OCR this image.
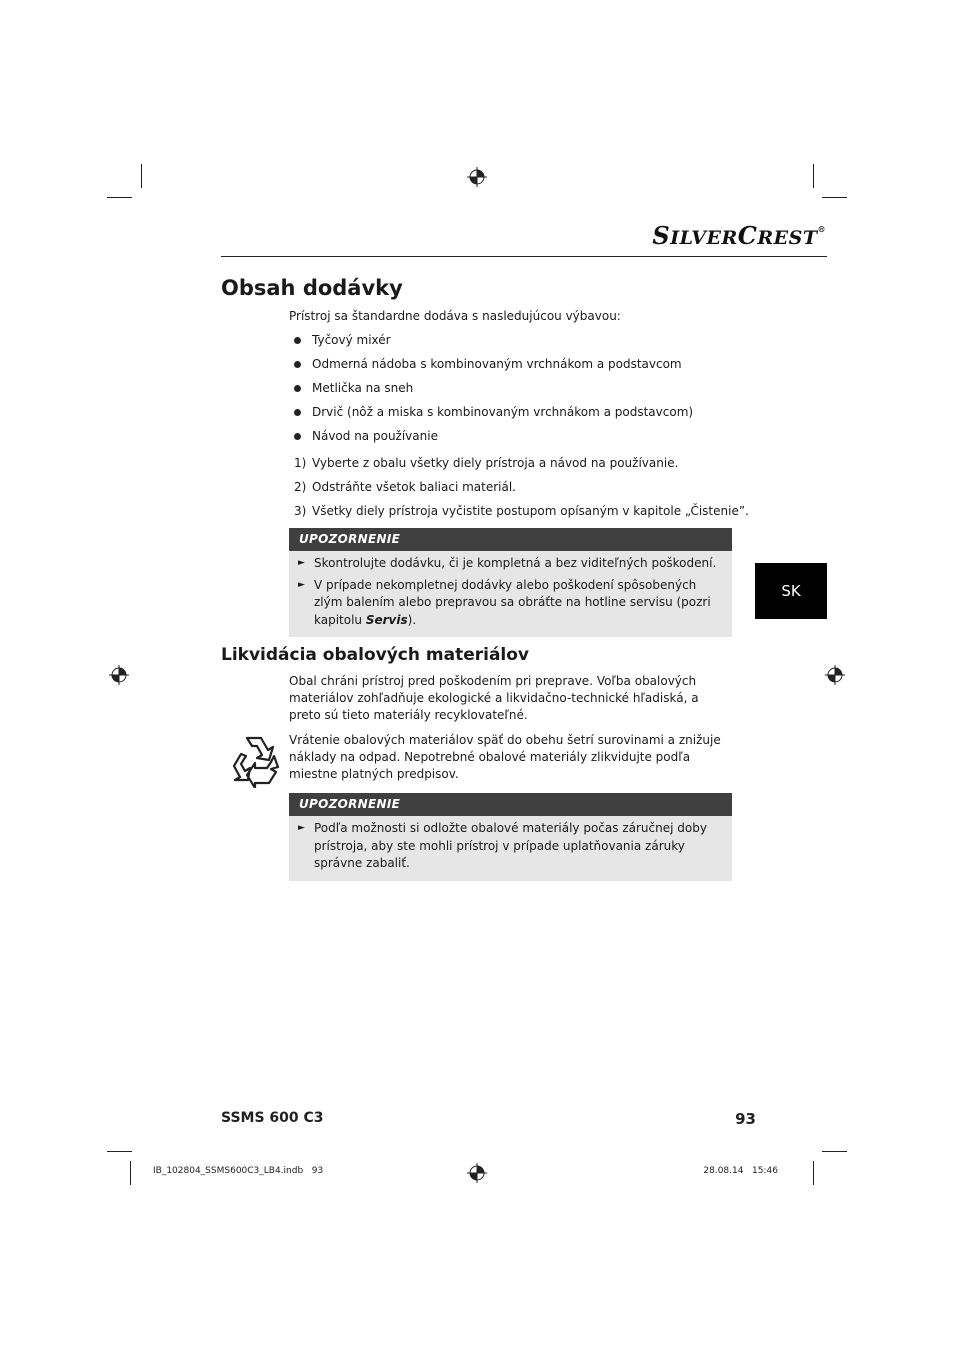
SILVERCREST®
Obsah dodávky

Prístroj sa štandardne dodáva s nasledujúcou výbavou:

Tyčový mixér
Odmerná nádoba s kombinovaným vrchnákom a podstavcom
Metlička na sneh
Drvič (nôž a miska s kombinovaným vrchnákom a podstavcom)
Návod na používanie
1) Vyberte z obalu všetky diely prístroja a návod na používanie.
2) Odstráňte všetok baliaci materiál.
3) Všetky diely prístroja vyčistite postupom opísaným v kapitole „Čistenie”.
UPOZORNENIE
► Skontrolujte dodávku, či je kompletná a bez viditeľných poškodení.
► V prípade nekompletnej dodávky alebo poškodení spôsobených zlým balením alebo prepravou sa obráťte na hotline servisu (pozri kapitolu Servis).
SK
Likvidácia obalových materiálov

Obal chráni prístroj pred poškodením pri preprave. Voľba obalových materiálov zohľadňuje ekologické a likvidačno-technické hľadiská, a preto sú tieto materiály recyklovateľné.

Vrátenie obalových materiálov späť do obehu šetrí surovinami a znižuje náklady na odpad. Nepotrebné obalové materiály zlikvidujte podľa miestne platných predpisov.

UPOZORNENIE
► Podľa možnosti si odložte obalové materiály počas záručnej doby prístroja, aby ste mohli prístroj v prípade uplatňovania záruky správne zabaliť.
SSMS 600 C3	93
IB_102804_SSMS600C3_LB4.indb   93	28.08.14   15:46
